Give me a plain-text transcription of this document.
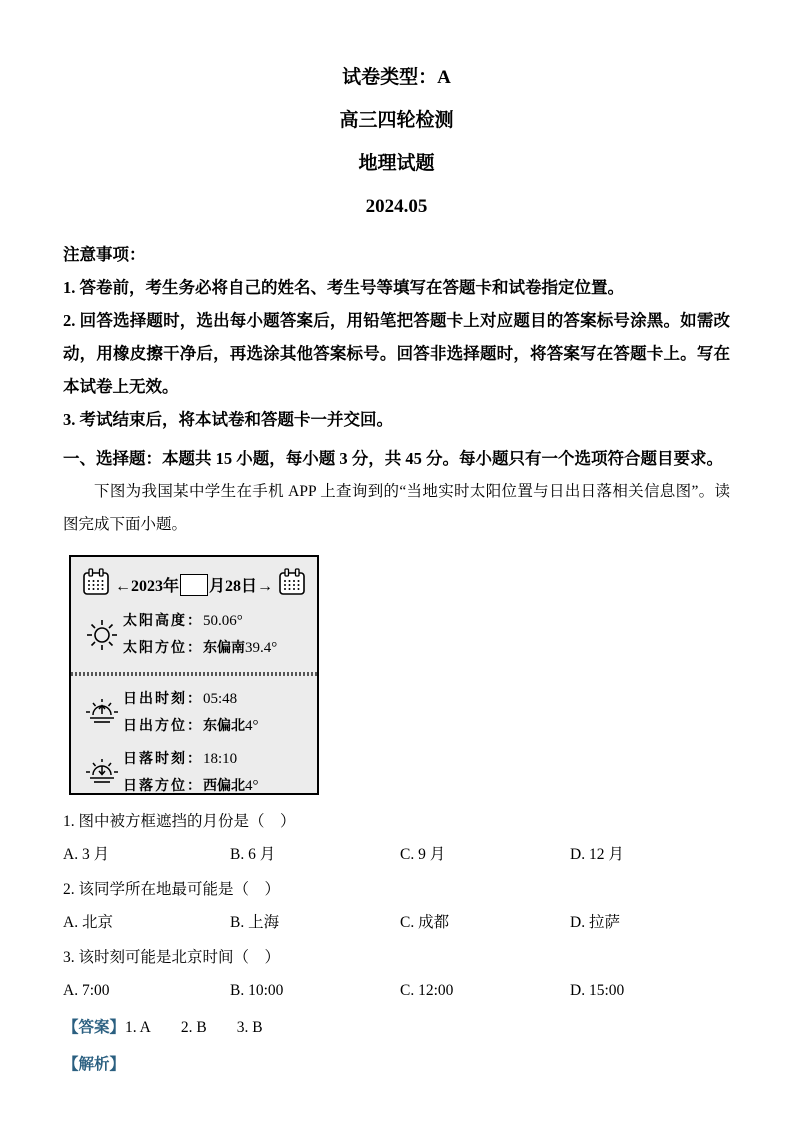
试卷类型：A
高三四轮检测
地理试题
2024.05
注意事项：
1. 答卷前，考生务必将自己的姓名、考生号等填写在答题卡和试卷指定位置。
2. 回答选择题时，选出每小题答案后，用铅笔把答题卡上对应题目的答案标号涂黑。如需改动，用橡皮擦干净后，再选涂其他答案标号。回答非选择题时，将答案写在答题卡上。写在本试卷上无效。
3. 考试结束后，将本试卷和答题卡一并交回。
一、选择题：本题共 15 小题，每小题 3 分，共 45 分。每小题只有一个选项符合题目要求。
下图为我国某中学生在手机 APP 上查询到的“当地实时太阳位置与日出日落相关信息图”。读图完成下面小题。
←2023年 月28日→
太阳高度：50.06°
太阳方位：东偏南39.4°
日出时刻：05:48
日出方位：东偏北4°
日落时刻：18:10
日落方位：西偏北4°
1. 图中被方框遮挡的月份是（　）
A. 3 月	B. 6 月	C. 9 月	D. 12 月
2. 该同学所在地最可能是（　）
A. 北京	B. 上海	C. 成都	D. 拉萨
3. 该时刻可能是北京时间（　）
A. 7:00	B. 10:00	C. 12:00	D. 15:00
【答案】 1. A 2. B 3. B
【解析】
